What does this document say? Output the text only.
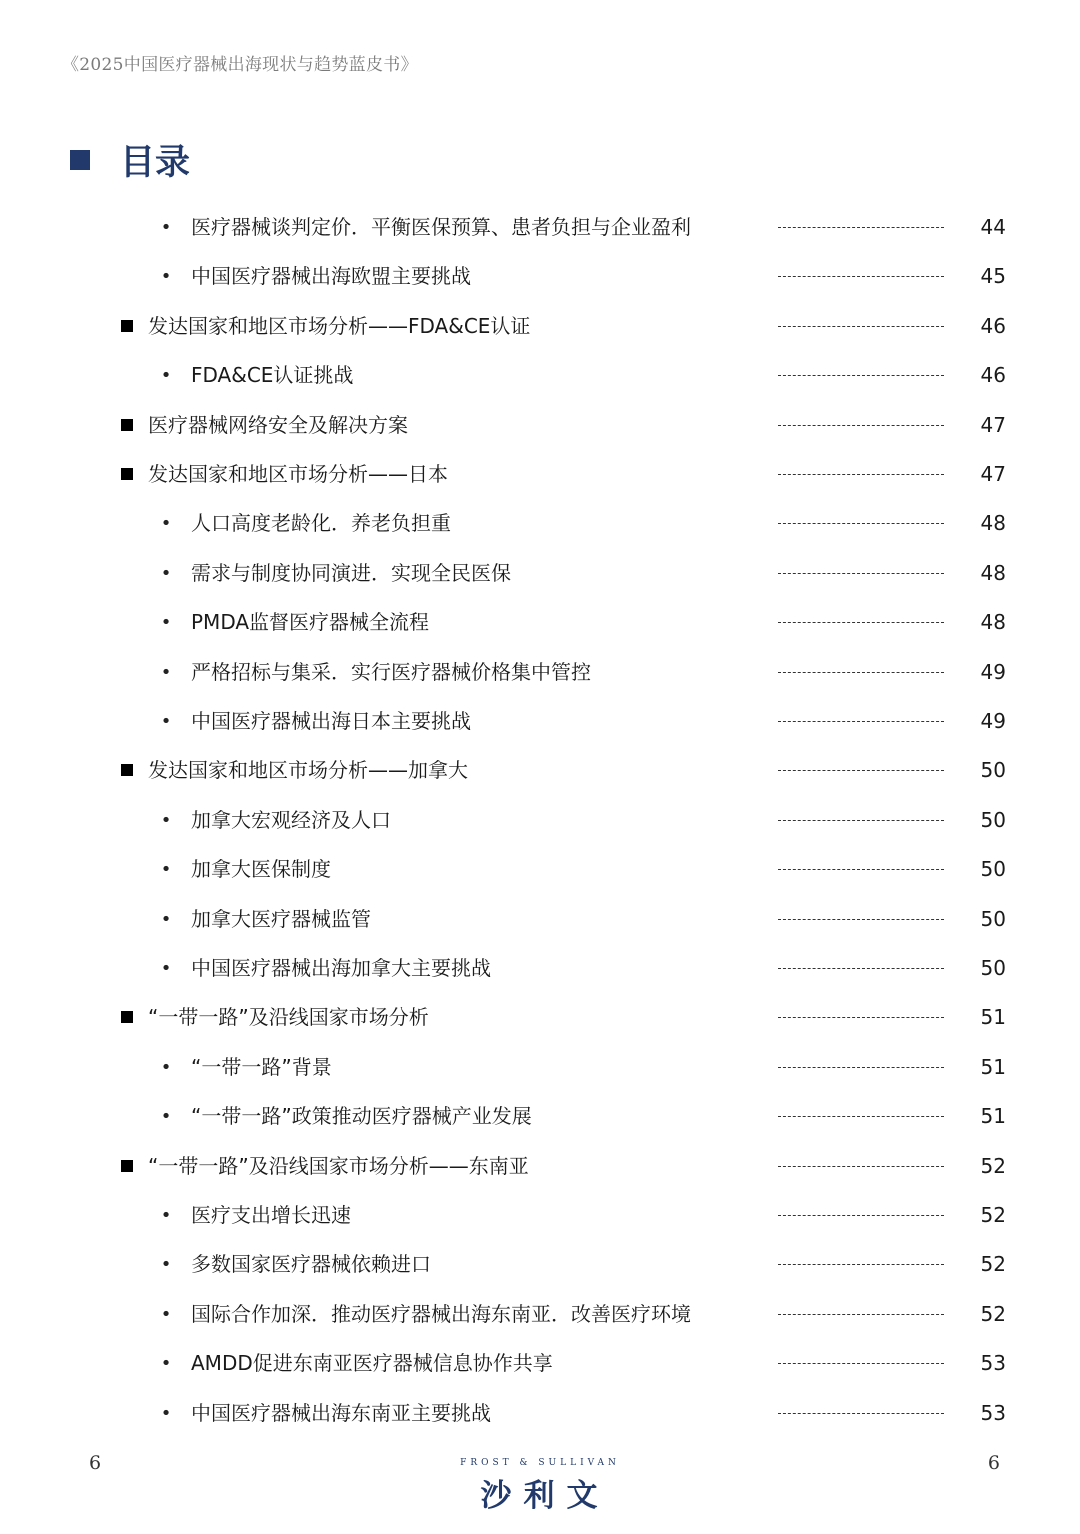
《2025中国医疗器械出海现状与趋势蓝皮书》
目录
• 医疗器械谈判定价．平衡医保预算、患者负担与企业盈利	44
• 中国医疗器械出海欧盟主要挑战	45
发达国家和地区市场分析——FDA&CE认证	46
• FDA&CE认证挑战	46
医疗器械网络安全及解决方案	47
发达国家和地区市场分析——日本	47
• 人口高度老龄化．养老负担重	48
• 需求与制度协同演进．实现全民医保	48
• PMDA监督医疗器械全流程	48
• 严格招标与集采．实行医疗器械价格集中管控	49
• 中国医疗器械出海日本主要挑战	49
发达国家和地区市场分析——加拿大	50
• 加拿大宏观经济及人口	50
• 加拿大医保制度	50
• 加拿大医疗器械监管	50
• 中国医疗器械出海加拿大主要挑战	50
“一带一路”及沿线国家市场分析	51
• “一带一路”背景	51
• “一带一路”政策推动医疗器械产业发展	51
“一带一路”及沿线国家市场分析——东南亚	52
• 医疗支出增长迅速	52
• 多数国家医疗器械依赖进口	52
• 国际合作加深．推动医疗器械出海东南亚．改善医疗环境	52
• AMDD促进东南亚医疗器械信息协作共享	53
• 中国医疗器械出海东南亚主要挑战	53
6	FROST & SULLIVAN
沙利文
6
